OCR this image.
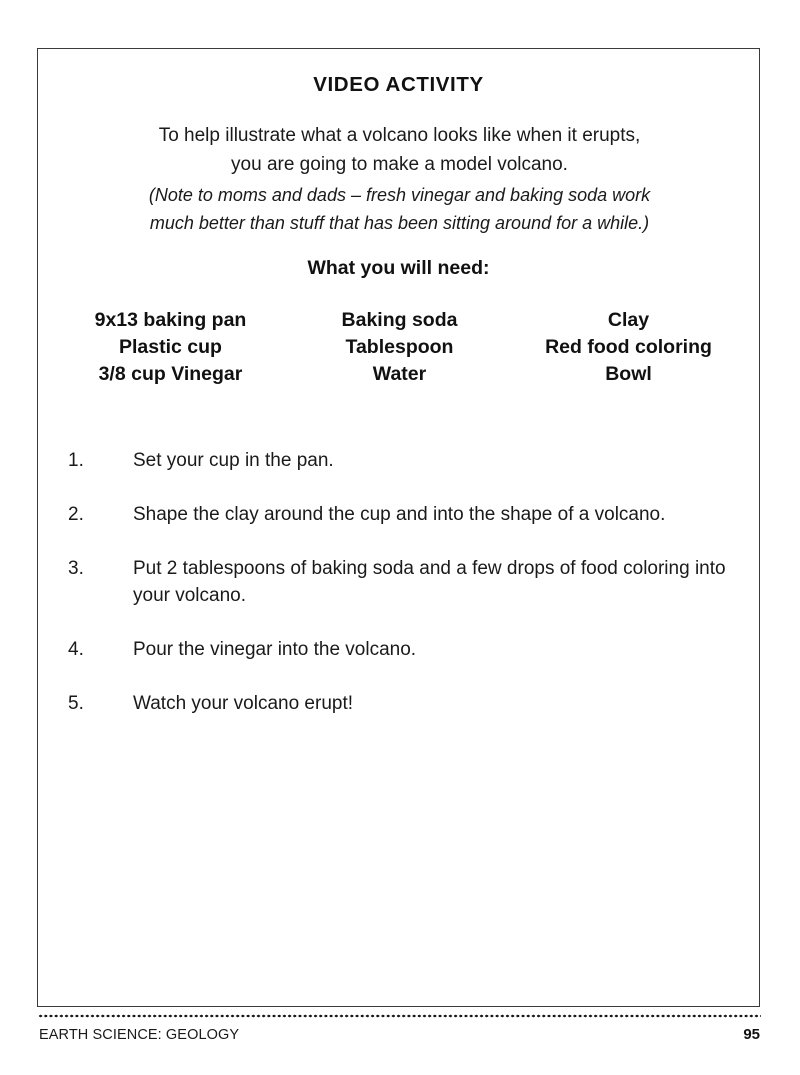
VIDEO ACTIVITY
To help illustrate what a volcano looks like when it erupts,
you are going to make a model volcano.
(Note to moms and dads – fresh vinegar and baking soda work
much better than stuff that has been sitting around for a while.)
What you will need:
9x13 baking pan
Plastic cup
3/8 cup Vinegar
Baking soda
Tablespoon
Water
Clay
Red food coloring
Bowl
1.	Set your cup in the pan.
2.	Shape the clay around the cup and into the shape of a volcano.
3.	Put 2 tablespoons of baking soda and a few drops of food coloring into your volcano.
4.	Pour the vinegar into the volcano.
5.	Watch your volcano erupt!
EARTH SCIENCE: GEOLOGY	95
